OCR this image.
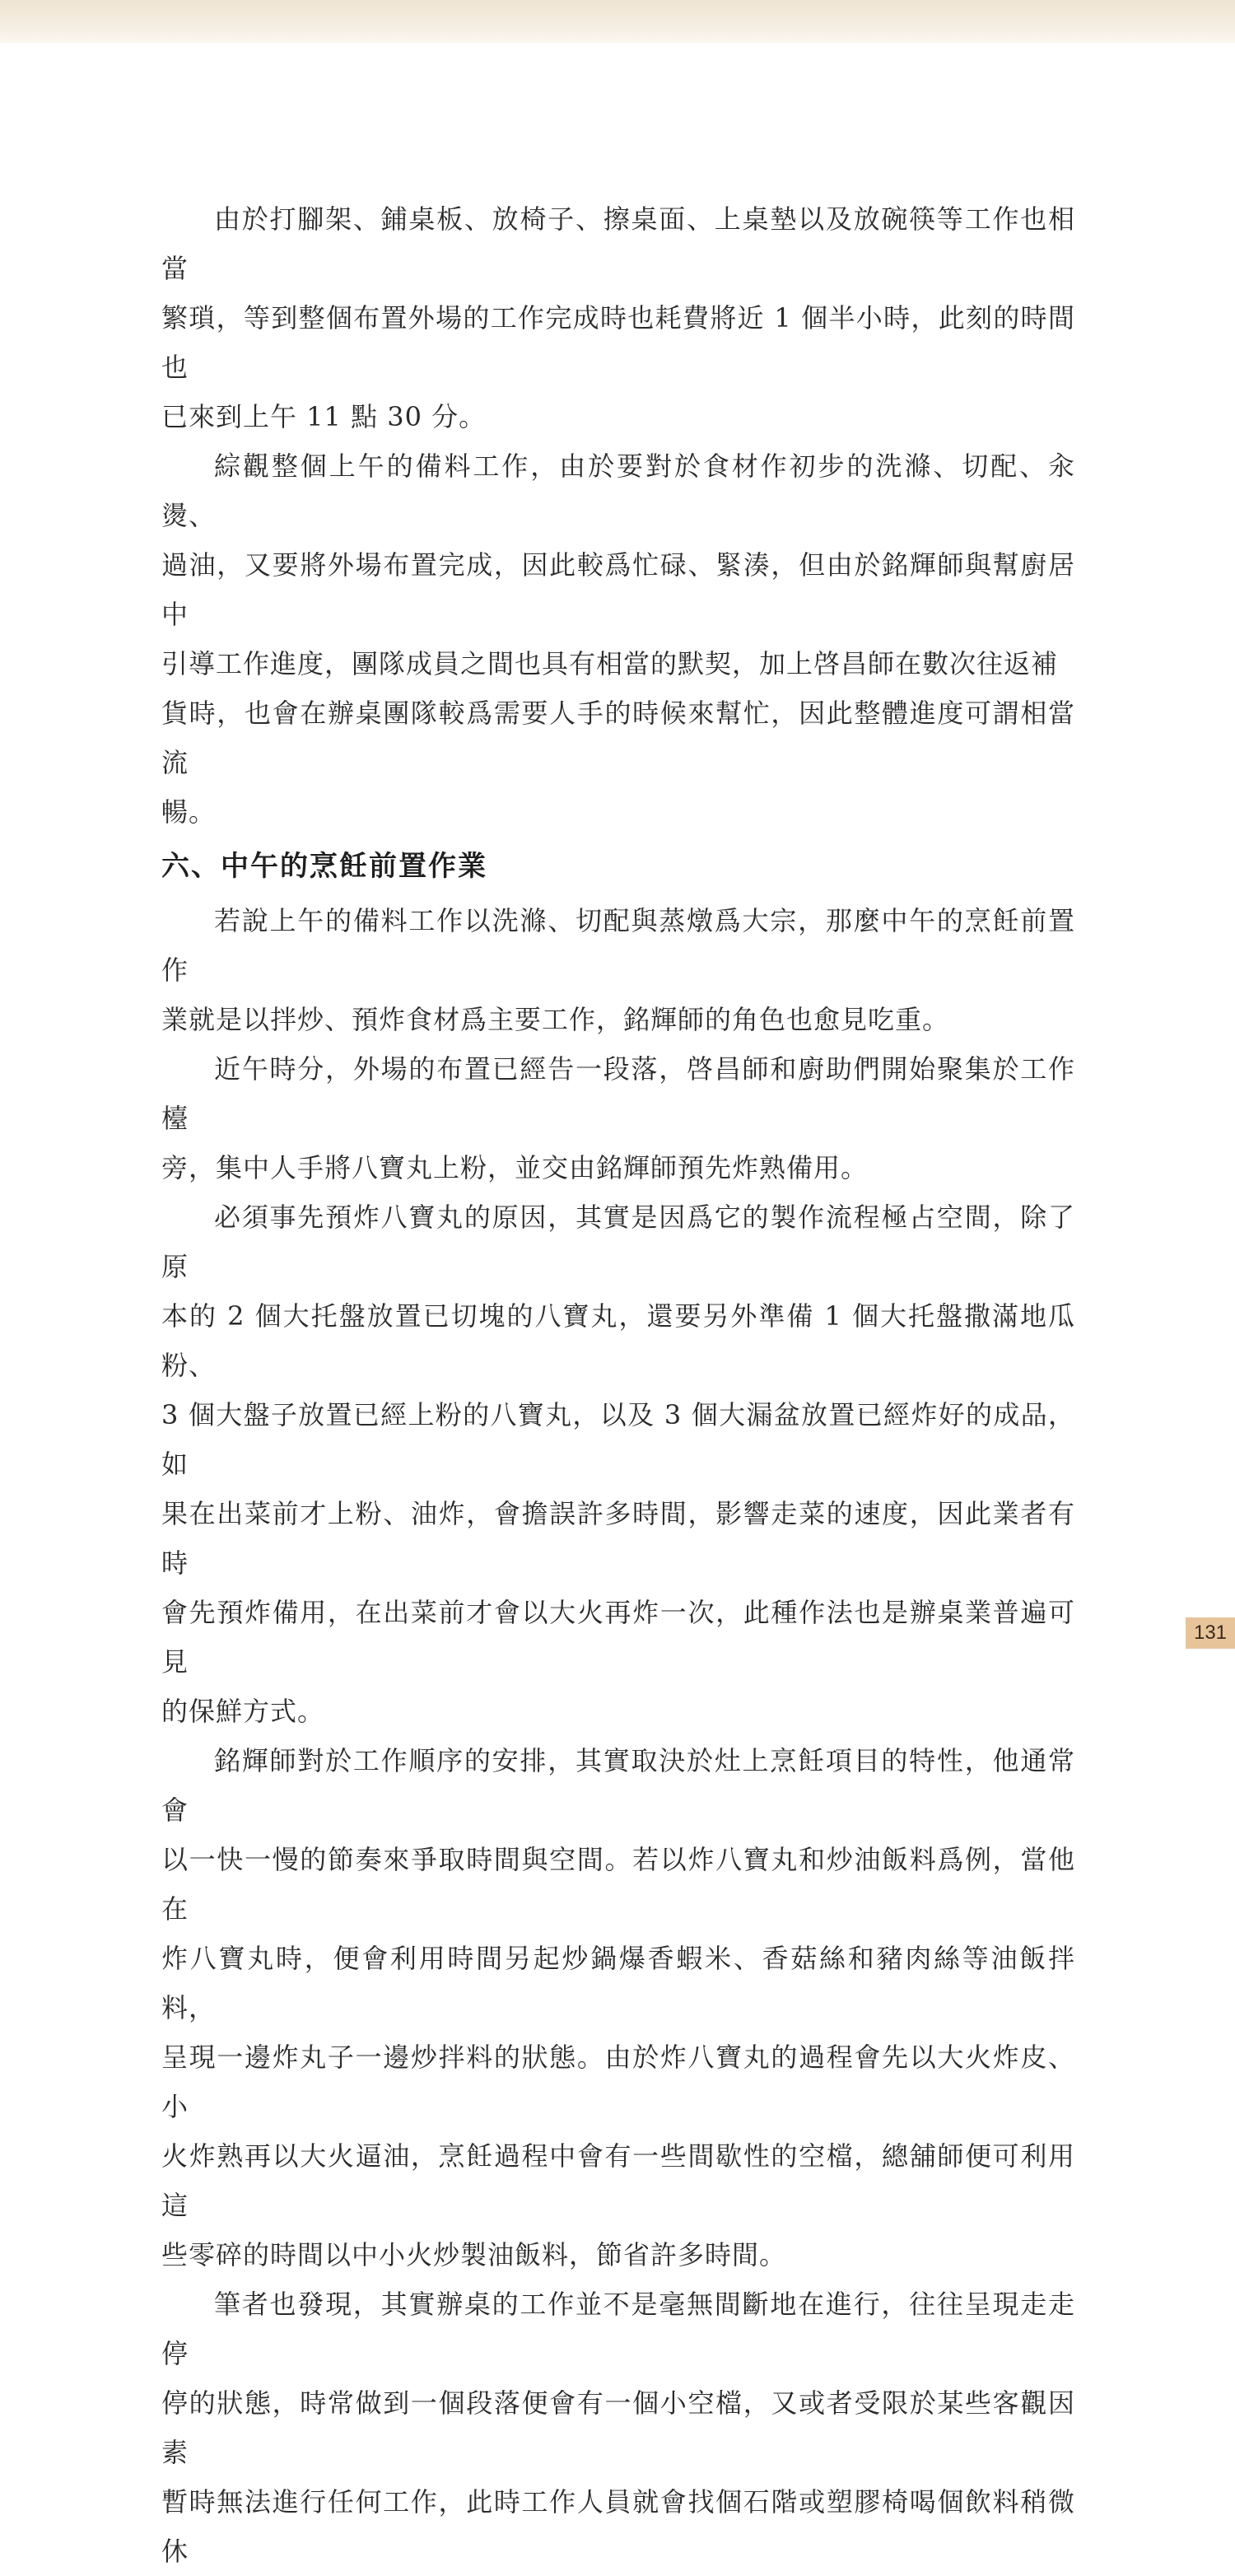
由於打腳架、鋪桌板、放椅子、擦桌面、上桌墊以及放碗筷等工作也相當
繁瑣，等到整個布置外場的工作完成時也耗費將近 1 個半小時，此刻的時間也
已來到上午 11 點 30 分。

綜觀整個上午的備料工作，由於要對於食材作初步的洗滌、切配、汆燙、
過油，又要將外場布置完成，因此較爲忙碌、緊湊，但由於銘輝師與幫廚居中
引導工作進度，團隊成員之間也具有相當的默契，加上啓昌師在數次往返補
貨時，也會在辦桌團隊較爲需要人手的時候來幫忙，因此整體進度可謂相當流
暢。

六、中午的烹飪前置作業

若說上午的備料工作以洗滌、切配與蒸燉爲大宗，那麼中午的烹飪前置作
業就是以拌炒、預炸食材爲主要工作，銘輝師的角色也愈見吃重。

近午時分，外場的布置已經告一段落，啓昌師和廚助們開始聚集於工作檯
旁，集中人手將八寶丸上粉，並交由銘輝師預先炸熟備用。

必須事先預炸八寶丸的原因，其實是因爲它的製作流程極占空間，除了原
本的 2 個大托盤放置已切塊的八寶丸，還要另外準備 1 個大托盤撒滿地瓜粉、
3 個大盤子放置已經上粉的八寶丸，以及 3 個大漏盆放置已經炸好的成品，如
果在出菜前才上粉、油炸，會擔誤許多時間，影響走菜的速度，因此業者有時
會先預炸備用，在出菜前才會以大火再炸一次，此種作法也是辦桌業普遍可見
的保鮮方式。

銘輝師對於工作順序的安排，其實取決於灶上烹飪項目的特性，他通常會
以一快一慢的節奏來爭取時間與空間。若以炸八寶丸和炒油飯料爲例，當他在
炸八寶丸時，便會利用時間另起炒鍋爆香蝦米、香菇絲和豬肉絲等油飯拌料，
呈現一邊炸丸子一邊炒拌料的狀態。由於炸八寶丸的過程會先以大火炸皮、小
火炸熟再以大火逼油，烹飪過程中會有一些間歇性的空檔，總舖師便可利用這
些零碎的時間以中小火炒製油飯料，節省許多時間。

筆者也發現，其實辦桌的工作並不是毫無間斷地在進行，往往呈現走走停
停的狀態，時常做到一個段落便會有一個小空檔，又或者受限於某些客觀因素
暫時無法進行任何工作，此時工作人員就會找個石階或塑膠椅喝個飲料稍微休

131
